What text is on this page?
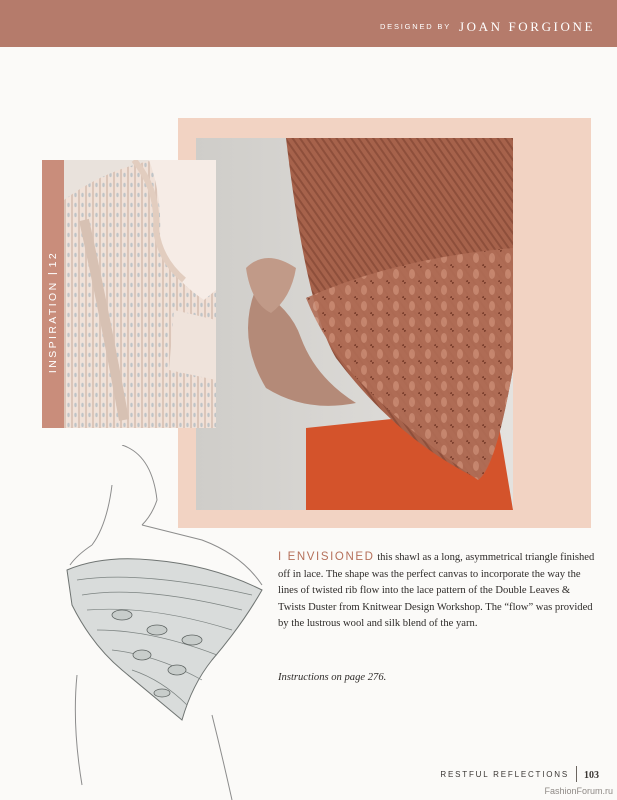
DESIGNED BY JOAN FORGIONE
INSPIRATION12
I ENVISIONED this shawl as a long, asymmetrical triangle finished off in lace. The shape was the perfect canvas to incorporate the way the lines of twisted rib flow into the lace pattern of the Double Leaves & Twists Duster from Knitwear Design Workshop. The “flow” was provided by the lustrous wool and silk blend of the yarn.
Instructions on page 276.
RESTFUL REFLECTIONS 103
FashionForum.ru
